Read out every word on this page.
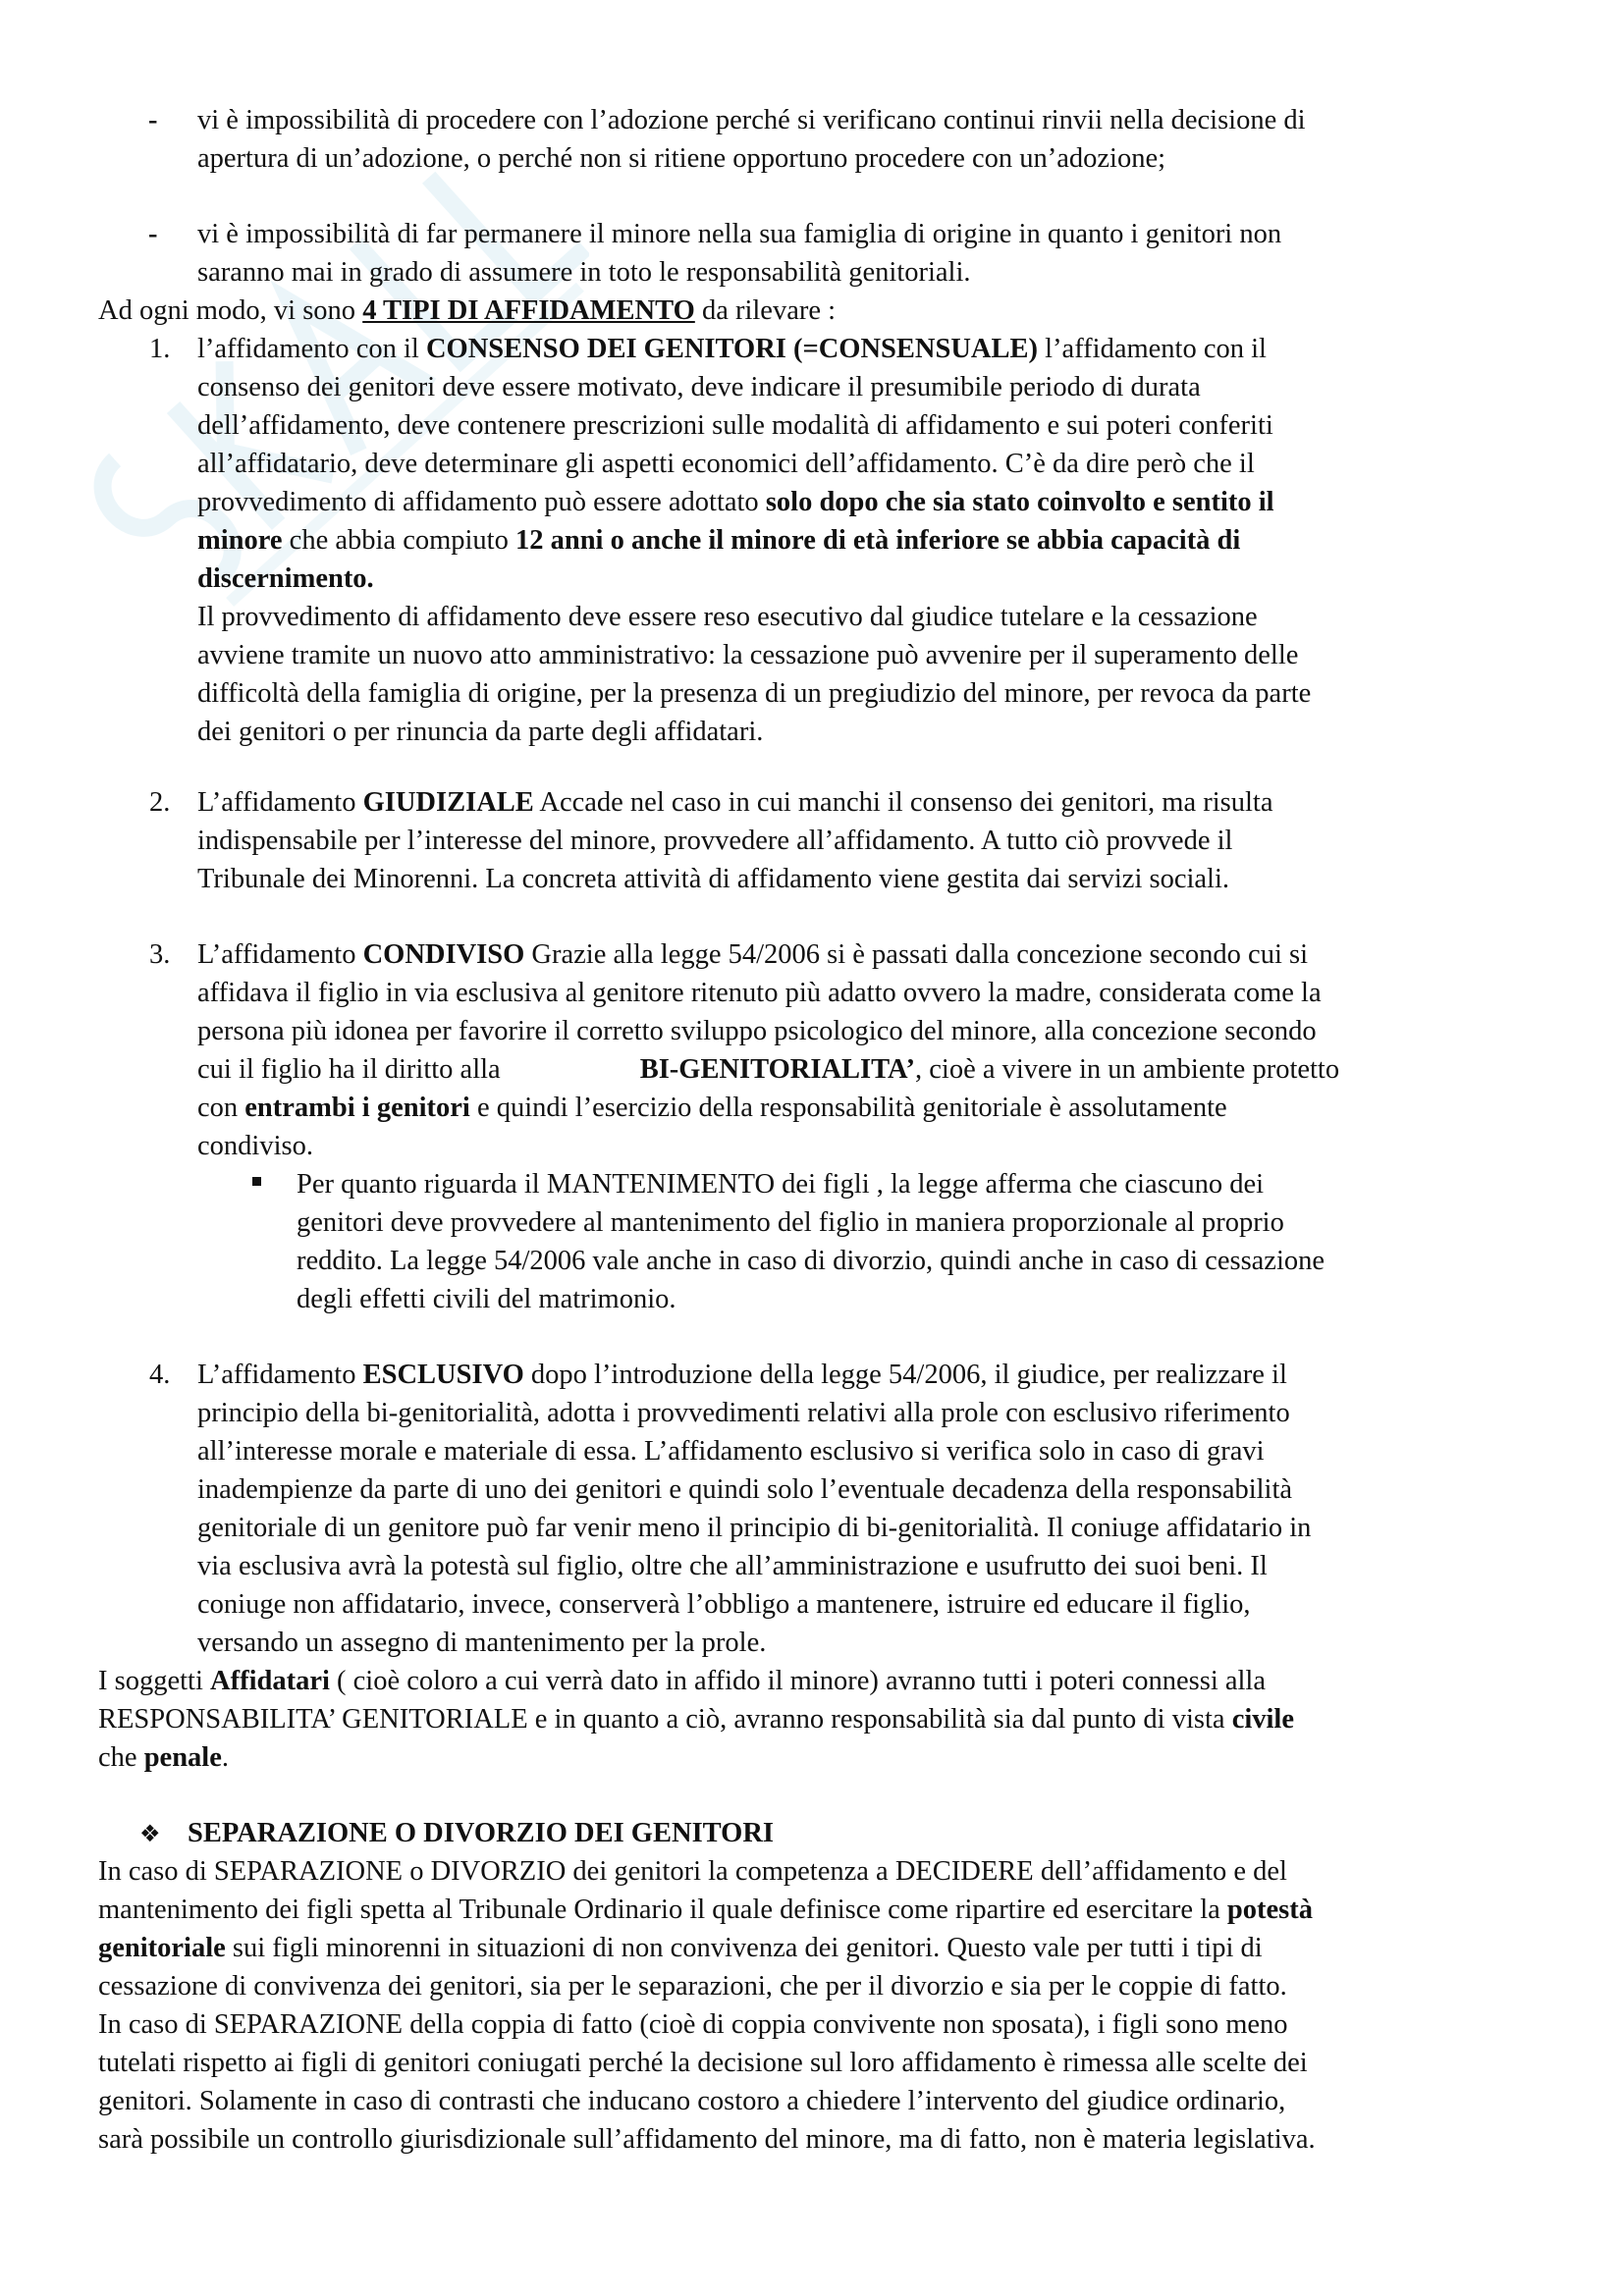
- vi è impossibilità di procedere con l’adozione perché si verificano continui rinvii nella decisione di
apertura di un’adozione, o perché non si ritiene opportuno procedere con un’adozione;
- vi è impossibilità di far permanere il minore nella sua famiglia di origine in quanto i genitori non
saranno mai in grado di assumere in toto le responsabilità genitoriali.
Ad ogni modo, vi sono 4 TIPI DI AFFIDAMENTO da rilevare :
1. l’affidamento con il CONSENSO DEI GENITORI (=CONSENSUALE) l’affidamento con il
consenso dei genitori deve essere motivato, deve indicare il presumibile periodo di durata
dell’affidamento, deve contenere prescrizioni sulle modalità di affidamento e sui poteri conferiti
all’affidatario, deve determinare gli aspetti economici dell’affidamento. C’è da dire però che il
provvedimento di affidamento può essere adottato solo dopo che sia stato coinvolto e sentito il
minore che abbia compiuto 12 anni o anche il minore di età inferiore se abbia capacità di
discernimento.
Il provvedimento di affidamento deve essere reso esecutivo dal giudice tutelare e la cessazione
avviene tramite un nuovo atto amministrativo: la cessazione può avvenire per il superamento delle
difficoltà della famiglia di origine, per la presenza di un pregiudizio del minore, per revoca da parte
dei genitori o per rinuncia da parte degli affidatari.
2. L’affidamento GIUDIZIALE Accade nel caso in cui manchi il consenso dei genitori, ma risulta
indispensabile per l’interesse del minore, provvedere all’affidamento. A tutto ciò provvede il
Tribunale dei Minorenni. La concreta attività di affidamento viene gestita dai servizi sociali.
3. L’affidamento CONDIVISO Grazie alla legge 54/2006 si è passati dalla concezione secondo cui si
affidava il figlio in via esclusiva al genitore ritenuto più adatto ovvero la madre, considerata come la
persona più idonea per favorire il corretto sviluppo psicologico del minore, alla concezione secondo
cui il figlio ha il diritto alla	BI-GENITORIALITA’, cioè a vivere in un ambiente protetto
con entrambi i genitori e quindi l’esercizio della responsabilità genitoriale è assolutamente
condiviso.
Per quanto riguarda il MANTENIMENTO dei figli , la legge afferma che ciascuno dei
genitori deve provvedere al mantenimento del figlio in maniera proporzionale al proprio
reddito. La legge 54/2006 vale anche in caso di divorzio, quindi anche in caso di cessazione
degli effetti civili del matrimonio.
4. L’affidamento ESCLUSIVO dopo l’introduzione della legge 54/2006, il giudice, per realizzare il
principio della bi-genitorialità, adotta i provvedimenti relativi alla prole con esclusivo riferimento
all’interesse morale e materiale di essa. L’affidamento esclusivo si verifica solo in caso di gravi
inadempienze da parte di uno dei genitori e quindi solo l’eventuale decadenza della responsabilità
genitoriale di un genitore può far venir meno il principio di bi-genitorialità. Il coniuge affidatario in
via esclusiva avrà la potestà sul figlio, oltre che all’amministrazione e usufrutto dei suoi beni. Il
coniuge non affidatario, invece, conserverà l’obbligo a mantenere, istruire ed educare il figlio,
versando un assegno di mantenimento per la prole.
I soggetti Affidatari ( cioè coloro a cui verrà dato in affido il minore) avranno tutti i poteri connessi alla
RESPONSABILITA’ GENITORIALE e in quanto a ciò, avranno responsabilità sia dal punto di vista civile
che penale.
❖ SEPARAZIONE O DIVORZIO DEI GENITORI
In caso di SEPARAZIONE o DIVORZIO dei genitori la competenza a DECIDERE dell’affidamento e del
mantenimento dei figli spetta al Tribunale Ordinario il quale definisce come ripartire ed esercitare la potestà
genitoriale sui figli minorenni in situazioni di non convivenza dei genitori. Questo vale per tutti i tipi di
cessazione di convivenza dei genitori, sia per le separazioni, che per il divorzio e sia per le coppie di fatto.
In caso di SEPARAZIONE della coppia di fatto (cioè di coppia convivente non sposata), i figli sono meno
tutelati rispetto ai figli di genitori coniugati perché la decisione sul loro affidamento è rimessa alle scelte dei
genitori. Solamente in caso di contrasti che inducano costoro a chiedere l’intervento del giudice ordinario,
sarà possibile un controllo giurisdizionale sull’affidamento del minore, ma di fatto, non è materia legislativa.
